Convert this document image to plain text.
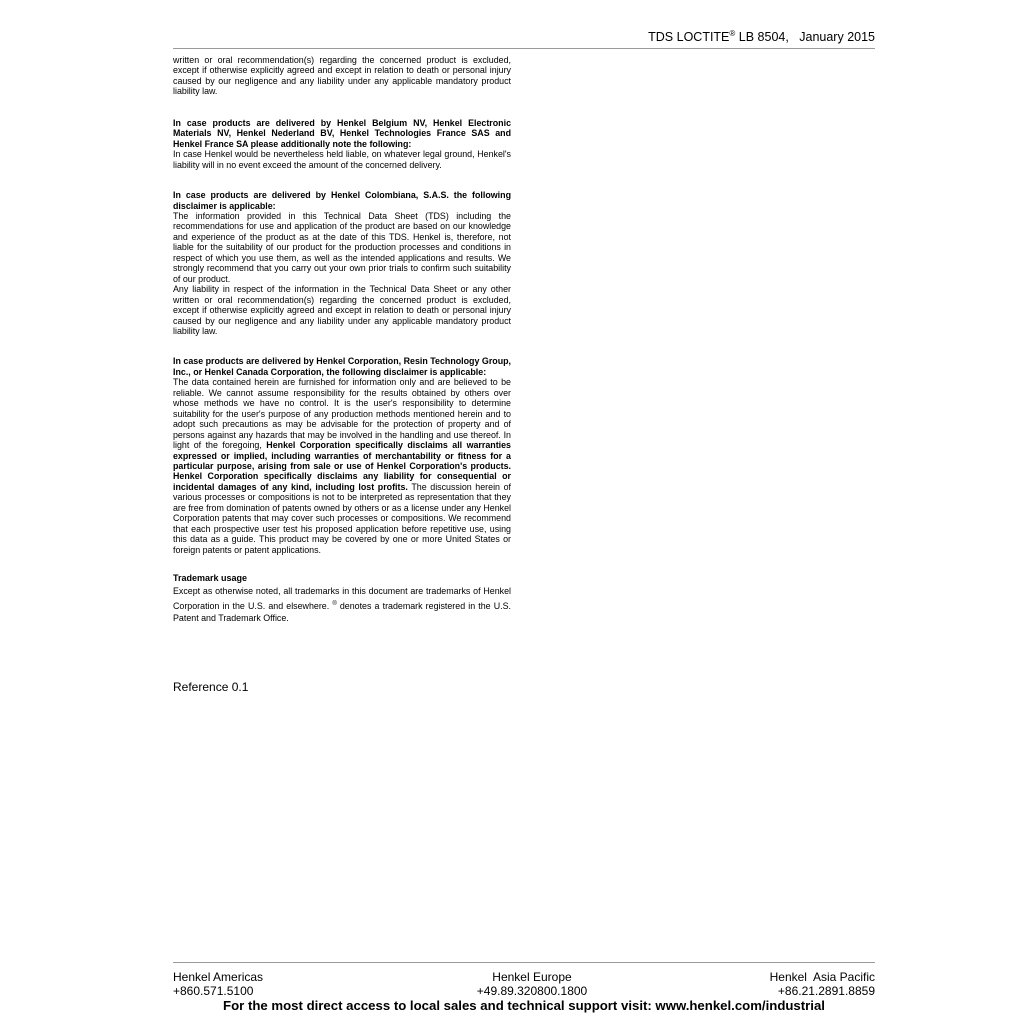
TDS LOCTITE® LB 8504,   January 2015

written or oral recommendation(s) regarding the concerned product is excluded, except if otherwise explicitly agreed and except in relation to death or personal injury caused by our negligence and any liability under any applicable mandatory product liability law.

In case products are delivered by Henkel Belgium NV, Henkel Electronic Materials NV, Henkel Nederland BV, Henkel Technologies France SAS and Henkel France SA please additionally note the following:

In case Henkel would be nevertheless held liable, on whatever legal ground, Henkel's liability will in no event exceed the amount of the concerned delivery.

In case products are delivered by Henkel Colombiana, S.A.S. the following disclaimer is applicable:

The information provided in this Technical Data Sheet (TDS) including the recommendations for use and application of the product are based on our knowledge and experience of the product as at the date of this TDS. Henkel is, therefore, not liable for the suitability of our product for the production processes and conditions in respect of which you use them, as well as the intended applications and results. We strongly recommend that you carry out your own prior trials to confirm such suitability of our product.

Any liability in respect of the information in the Technical Data Sheet or any other written or oral recommendation(s) regarding the concerned product is excluded, except if otherwise explicitly agreed and except in relation to death or personal injury caused by our negligence and any liability under any applicable mandatory product liability law.

In case products are delivered by Henkel Corporation, Resin Technology Group, Inc., or Henkel Canada Corporation, the following disclaimer is applicable:

The data contained herein are furnished for information only and are believed to be reliable. We cannot assume responsibility for the results obtained by others over whose methods we have no control. It is the user's responsibility to determine suitability for the user's purpose of any production methods mentioned herein and to adopt such precautions as may be advisable for the protection of property and of persons against any hazards that may be involved in the handling and use thereof. In light of the foregoing, Henkel Corporation specifically disclaims all warranties expressed or implied, including warranties of merchantability or fitness for a particular purpose, arising from sale or use of Henkel Corporation's products. Henkel Corporation specifically disclaims any liability for consequential or incidental damages of any kind, including lost profits. The discussion herein of various processes or compositions is not to be interpreted as representation that they are free from domination of patents owned by others or as a license under any Henkel Corporation patents that may cover such processes or compositions. We recommend that each prospective user test his proposed application before repetitive use, using this data as a guide. This product may be covered by one or more United States or foreign patents or patent applications.

Trademark usage

Except as otherwise noted, all trademarks in this document are trademarks of Henkel Corporation in the U.S. and elsewhere. ® denotes a trademark registered in the U.S. Patent and Trademark Office.

Reference 0.1
Henkel Americas
+860.571.5100
Henkel Europe
+49.89.320800.1800
Henkel  Asia Pacific
+86.21.2891.8859
For the most direct access to local sales and technical support visit: www.henkel.com/industrial
